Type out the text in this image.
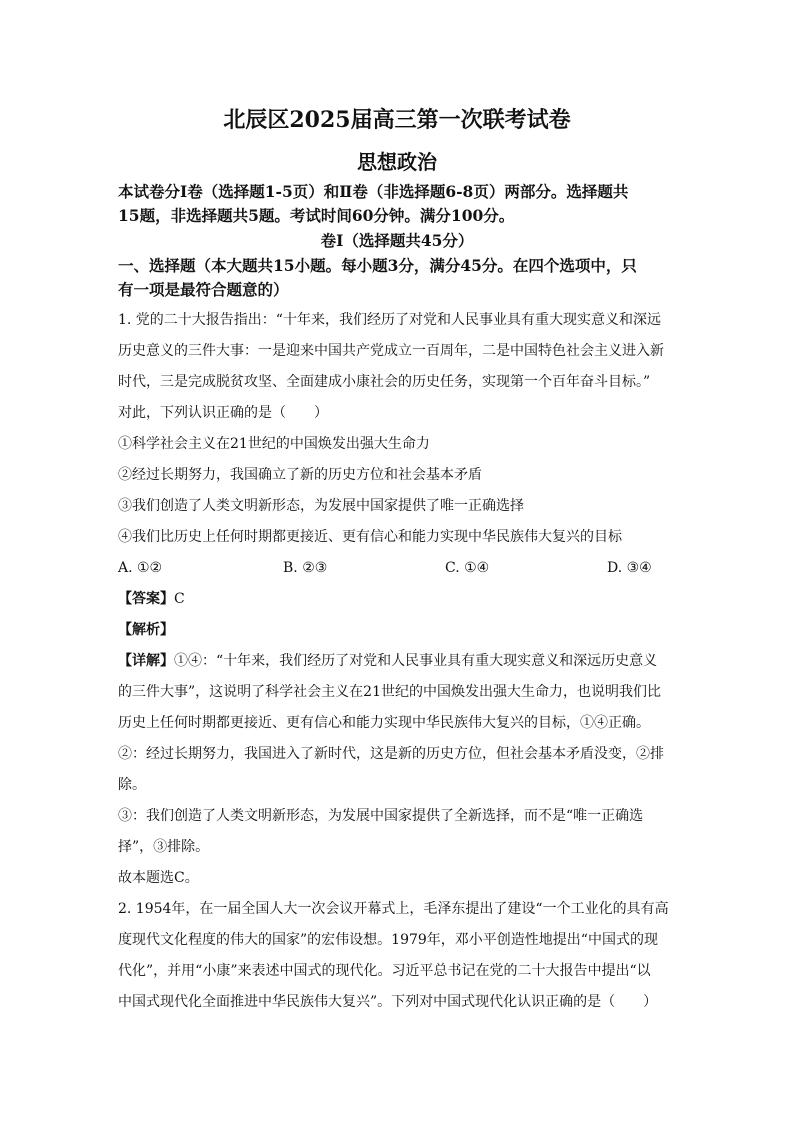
北辰区2025届高三第一次联考试卷
思想政治
本试卷分Ⅰ卷（选择题1-5页）和Ⅱ卷（非选择题6-8页）两部分。选择题共
15题，非选择题共5题。考试时间60分钟。满分100分。
卷Ⅰ（选择题共45分）
一、选择题（本大题共15小题。每小题3分，满分45分。在四个选项中，只
有一项是最符合题意的）
1. 党的二十大报告指出：“十年来，我们经历了对党和人民事业具有重大现实意义和深远
历史意义的三件大事：一是迎来中国共产党成立一百周年，二是中国特色社会主义进入新
时代，三是完成脱贫攻坚、全面建成小康社会的历史任务，实现第一个百年奋斗目标。”
对此，下列认识正确的是（　　）
①科学社会主义在21世纪的中国焕发出强大生命力
②经过长期努力，我国确立了新的历史方位和社会基本矛盾
③我们创造了人类文明新形态，为发展中国家提供了唯一正确选择
④我们比历史上任何时期都更接近、更有信心和能力实现中华民族伟大复兴的目标
A. ①②	B. ②③	C. ①④	D. ③④
【答案】C
【解析】
【详解】①④：“十年来，我们经历了对党和人民事业具有重大现实意义和深远历史意义
的三件大事”，这说明了科学社会主义在21世纪的中国焕发出强大生命力，也说明我们比
历史上任何时期都更接近、更有信心和能力实现中华民族伟大复兴的目标，①④正确。
②：经过长期努力，我国进入了新时代，这是新的历史方位，但社会基本矛盾没变，②排
除。
③：我们创造了人类文明新形态，为发展中国家提供了全新选择，而不是“唯一正确选
择”，③排除。
故本题选C。
2. 1954年，在一届全国人大一次会议开幕式上，毛泽东提出了建设“一个工业化的具有高
度现代文化程度的伟大的国家”的宏伟设想。1979年，邓小平创造性地提出“中国式的现
代化”，并用“小康”来表述中国式的现代化。习近平总书记在党的二十大报告中提出“以
中国式现代化全面推进中华民族伟大复兴”。下列对中国式现代化认识正确的是（　　）
